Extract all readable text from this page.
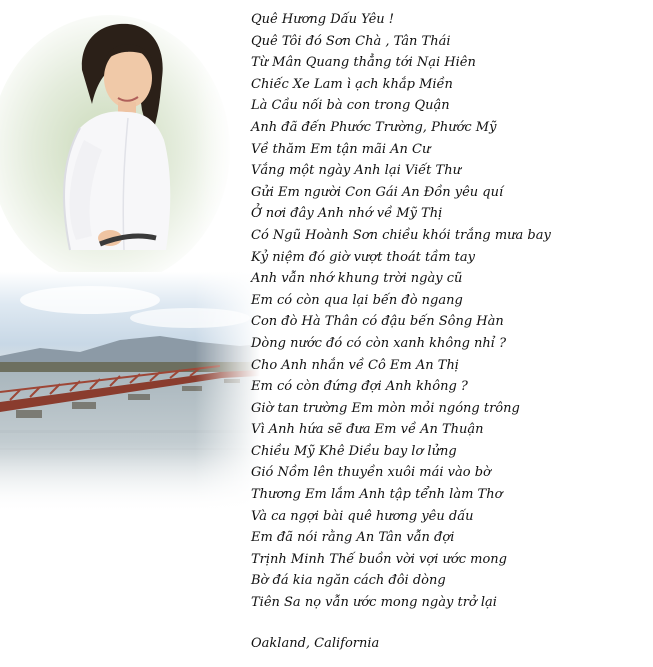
Quê Hương Dấu Yêu !
Quê Tôi đó Sơn Chà , Tân Thái
Từ Mân Quang thẳng tới Nại Hiên
Chiếc Xe Lam ì ạch khắp Miền
Là Cầu nối bà con trong Quận
Anh đã đến Phước Trường, Phước Mỹ
Về thăm Em tận mãi An Cư
Vắng một ngày Anh lại Viết Thư
Gửi Em người Con Gái An Đồn yêu quí
Ở nơi đây Anh nhớ về Mỹ Thị
Có Ngũ Hoành Sơn chiều khói trắng mưa bay
Kỷ niệm đó giờ vượt thoát tầm tay
Anh vẫn nhớ khung trời ngày cũ
Em có còn qua lại bến đò ngang
Con đò Hà Thân có đậu bến Sông Hàn
Dòng nước đó có còn xanh không nhỉ ?
Cho Anh nhắn về Cô Em An Thị
Em có còn đứng đợi Anh không ?
Giờ tan trường Em mòn mỏi ngóng trông
Vì Anh hứa sẽ đưa Em về An Thuận
Chiều Mỹ Khê Diều bay lơ lửng
Gió Nồm lên thuyền xuôi mái vào bờ
Thương Em lắm Anh tập tểnh làm Thơ
Và ca ngợi bài quê hương yêu dấu
Em đã nói rằng An Tân vẫn đợi
Trịnh Minh Thế buồn vời vợi ước mong
Bờ đá kia ngăn cách đôi dòng
Tiên Sa nọ vẫn ước mong ngày trở lại
Oakland, California
